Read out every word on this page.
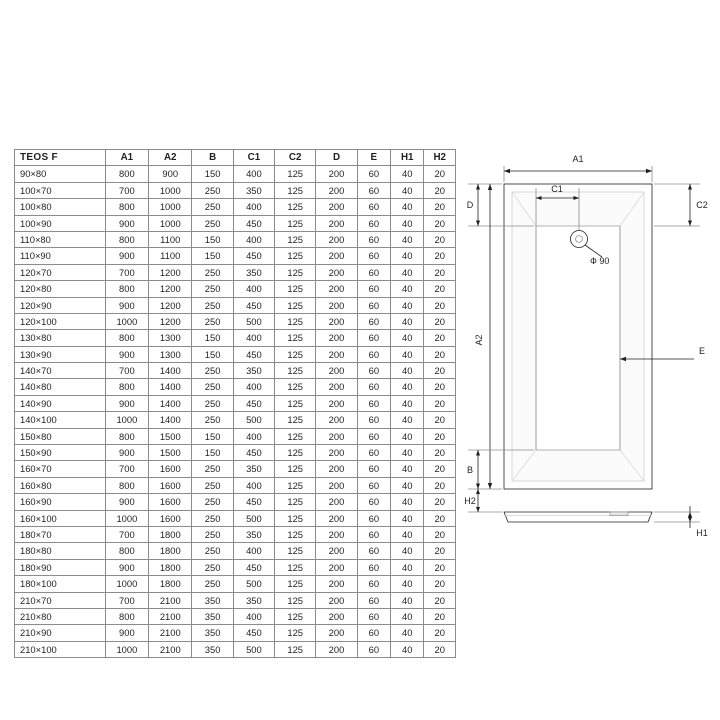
TEOS F	A1	A2	B	C1	C2	D	E	H1	H2
90×80	800	900	150	400	125	200	60	40	20
100×70	700	1000	250	350	125	200	60	40	20
100×80	800	1000	250	400	125	200	60	40	20
100×90	900	1000	250	450	125	200	60	40	20
110×80	800	1100	150	400	125	200	60	40	20
110×90	900	1100	150	450	125	200	60	40	20
120×70	700	1200	250	350	125	200	60	40	20
120×80	800	1200	250	400	125	200	60	40	20
120×90	900	1200	250	450	125	200	60	40	20
120×100	1000	1200	250	500	125	200	60	40	20
130×80	800	1300	150	400	125	200	60	40	20
130×90	900	1300	150	450	125	200	60	40	20
140×70	700	1400	250	350	125	200	60	40	20
140×80	800	1400	250	400	125	200	60	40	20
140×90	900	1400	250	450	125	200	60	40	20
140×100	1000	1400	250	500	125	200	60	40	20
150×80	800	1500	150	400	125	200	60	40	20
150×90	900	1500	150	450	125	200	60	40	20
160×70	700	1600	250	350	125	200	60	40	20
160×80	800	1600	250	400	125	200	60	40	20
160×90	900	1600	250	450	125	200	60	40	20
160×100	1000	1600	250	500	125	200	60	40	20
180×70	700	1800	250	350	125	200	60	40	20
180×80	800	1800	250	400	125	200	60	40	20
180×90	900	1800	250	450	125	200	60	40	20
180×100	1000	1800	250	500	125	200	60	40	20
210×70	700	2100	350	350	125	200	60	40	20
210×80	800	2100	350	400	125	200	60	40	20
210×90	900	2100	350	450	125	200	60	40	20
210×100	1000	2100	350	500	125	200	60	40	20
A1
C1
C2
D
A2
B
E
H2
H1
Ф 90
